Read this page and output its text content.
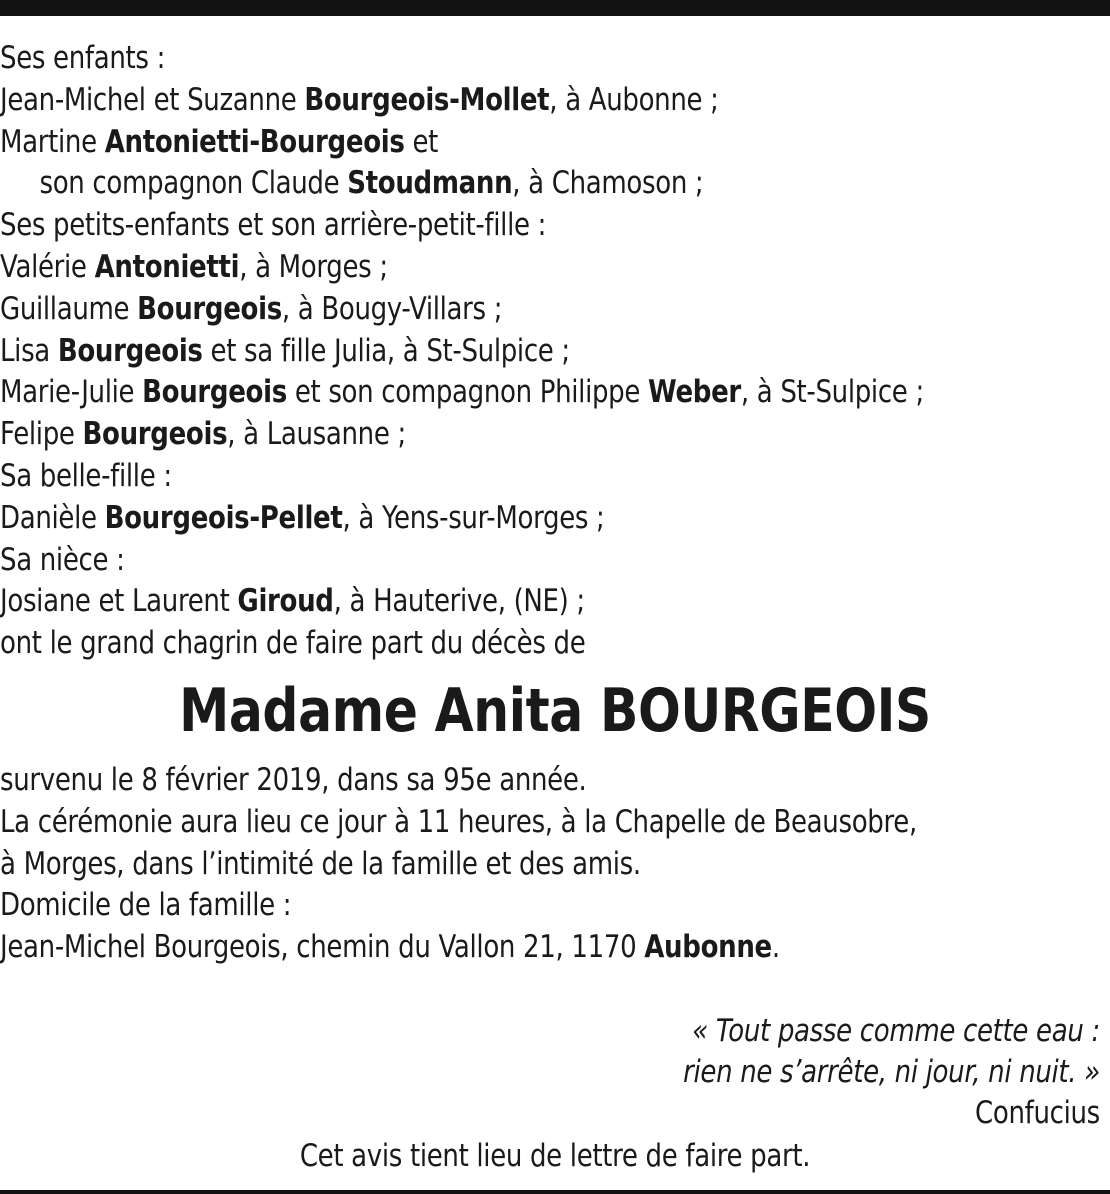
Ses enfants :
Jean-Michel et Suzanne Bourgeois-Mollet, à Aubonne ;
Martine Antonietti-Bourgeois et
son compagnon Claude Stoudmann, à Chamoson ;
Ses petits-enfants et son arrière-petit-fille :
Valérie Antonietti, à Morges ;
Guillaume Bourgeois, à Bougy-Villars ;
Lisa Bourgeois et sa fille Julia, à St-Sulpice ;
Marie-Julie Bourgeois et son compagnon Philippe Weber, à St-Sulpice ;
Felipe Bourgeois, à Lausanne ;
Sa belle-fille :
Danièle Bourgeois-Pellet, à Yens-sur-Morges ;
Sa nièce :
Josiane et Laurent Giroud, à Hauterive, (NE) ;
ont le grand chagrin de faire part du décès de
Madame Anita BOURGEOIS
survenu le 8 février 2019, dans sa 95e année.
La cérémonie aura lieu ce jour à 11 heures, à la Chapelle de Beausobre,
à Morges, dans l’intimité de la famille et des amis.
Domicile de la famille :
Jean-Michel Bourgeois, chemin du Vallon 21, 1170 Aubonne.
« Tout passe comme cette eau :
rien ne s’arrête, ni jour, ni nuit. »
Confucius
Cet avis tient lieu de lettre de faire part.
